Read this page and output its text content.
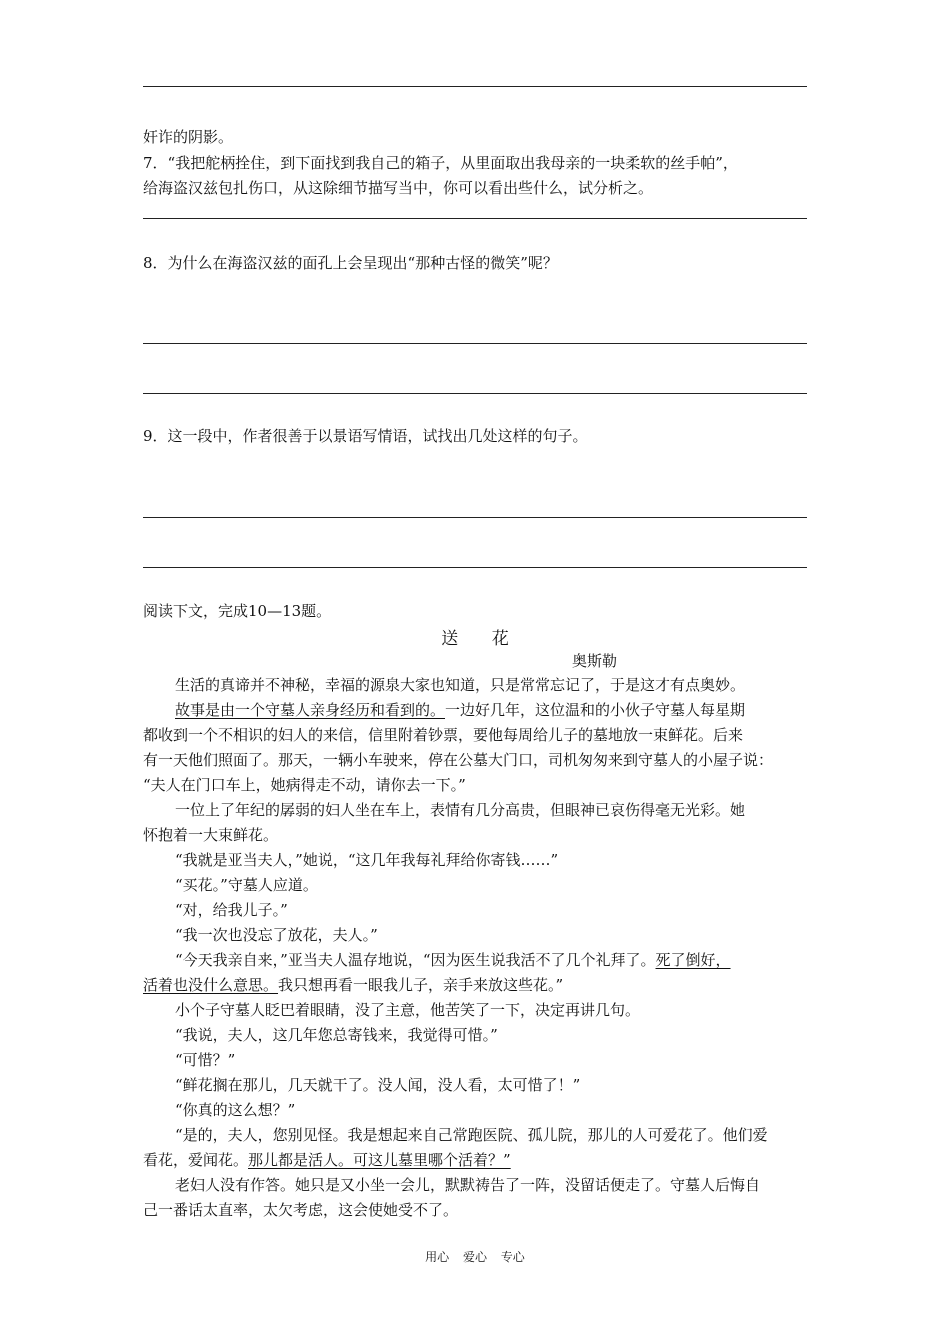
奸诈的阴影。
7．“我把舵柄拴住，到下面找到我自己的箱子，从里面取出我母亲的一块柔软的丝手帕”，
给海盗汉兹包扎伤口，从这除细节描写当中，你可以看出些什么，试分析之。
8．为什么在海盗汉兹的面孔上会呈现出“那种古怪的微笑”呢？
9．这一段中，作者很善于以景语写情语，试找出几处这样的句子。
阅读下文，完成10—13题。
送 花
奥斯勒
生活的真谛并不神秘，幸福的源泉大家也知道，只是常常忘记了，于是这才有点奥妙。
故事是由一个守墓人亲身经历和看到的。一边好几年，这位温和的小伙子守墓人每星期
都收到一个不相识的妇人的来信，信里附着钞票，要他每周给儿子的墓地放一束鲜花。后来
有一天他们照面了。那天，一辆小车驶来，停在公墓大门口，司机匆匆来到守墓人的小屋子说：
“夫人在门口车上，她病得走不动，请你去一下。”
一位上了年纪的孱弱的妇人坐在车上，表情有几分高贵，但眼神已哀伤得毫无光彩。她
怀抱着一大束鲜花。
“我就是亚当夫人，”她说，“这几年我每礼拜给你寄钱……”
“买花。”守墓人应道。
“对，给我儿子。”
“我一次也没忘了放花，夫人。”
“今天我亲自来，”亚当夫人温存地说，“因为医生说我活不了几个礼拜了。死了倒好，
活着也没什么意思。我只想再看一眼我儿子，亲手来放这些花。”
小个子守墓人眨巴着眼睛，没了主意，他苦笑了一下，决定再讲几句。
“我说，夫人，这几年您总寄钱来，我觉得可惜。”
“可惜？”
“鲜花搁在那儿，几天就干了。没人闻，没人看，太可惜了！”
“你真的这么想？”
“是的，夫人，您别见怪。我是想起来自己常跑医院、孤儿院，那儿的人可爱花了。他们爱
看花，爱闻花。那儿都是活人。可这儿墓里哪个活着？”
老妇人没有作答。她只是又小坐一会儿，默默祷告了一阵，没留话便走了。守墓人后悔自
己一番话太直率，太欠考虑，这会使她受不了。
用心 爱心 专心
